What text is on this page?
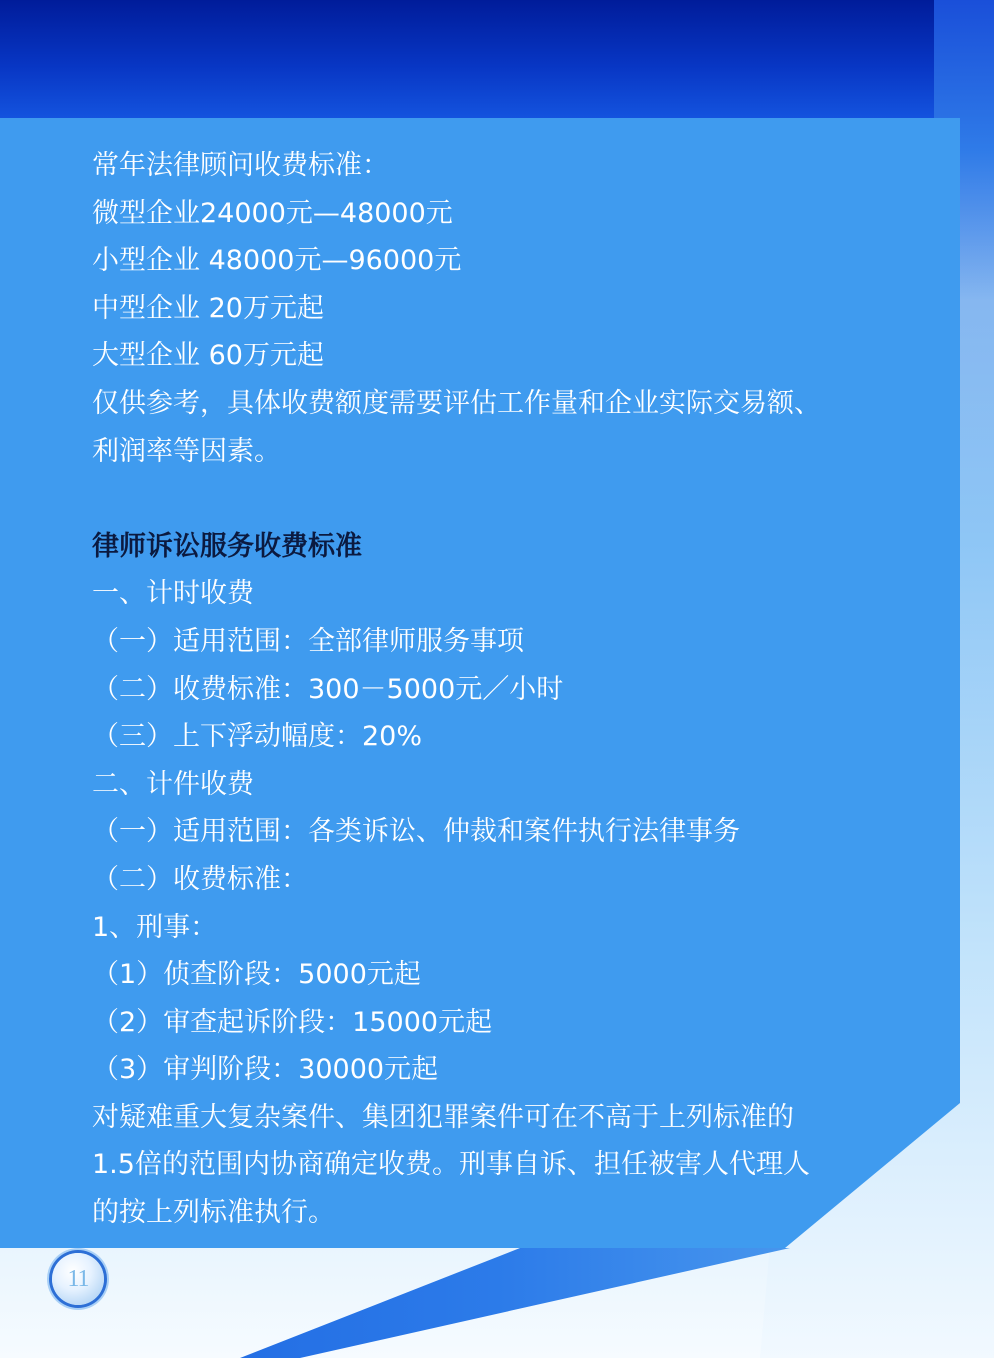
常年法律顾问收费标准：

微型企业24000元—48000元

小型企业 48000元—96000元

中型企业 20万元起

大型企业 60万元起

仅供参考，具体收费额度需要评估工作量和企业实际交易额、利润率等因素。

律师诉讼服务收费标准

一、计时收费

（一）适用范围：全部律师服务事项

（二）收费标准：300－5000元／小时

（三）上下浮动幅度：20%

二、计件收费

（一）适用范围：各类诉讼、仲裁和案件执行法律事务

（二）收费标准：

1、刑事：

（1）侦查阶段：5000元起

（2）审查起诉阶段：15000元起

（3）审判阶段：30000元起

对疑难重大复杂案件、集团犯罪案件可在不高于上列标准的1.5倍的范围内协商确定收费。刑事自诉、担任被害人代理人的按上列标准执行。

11
